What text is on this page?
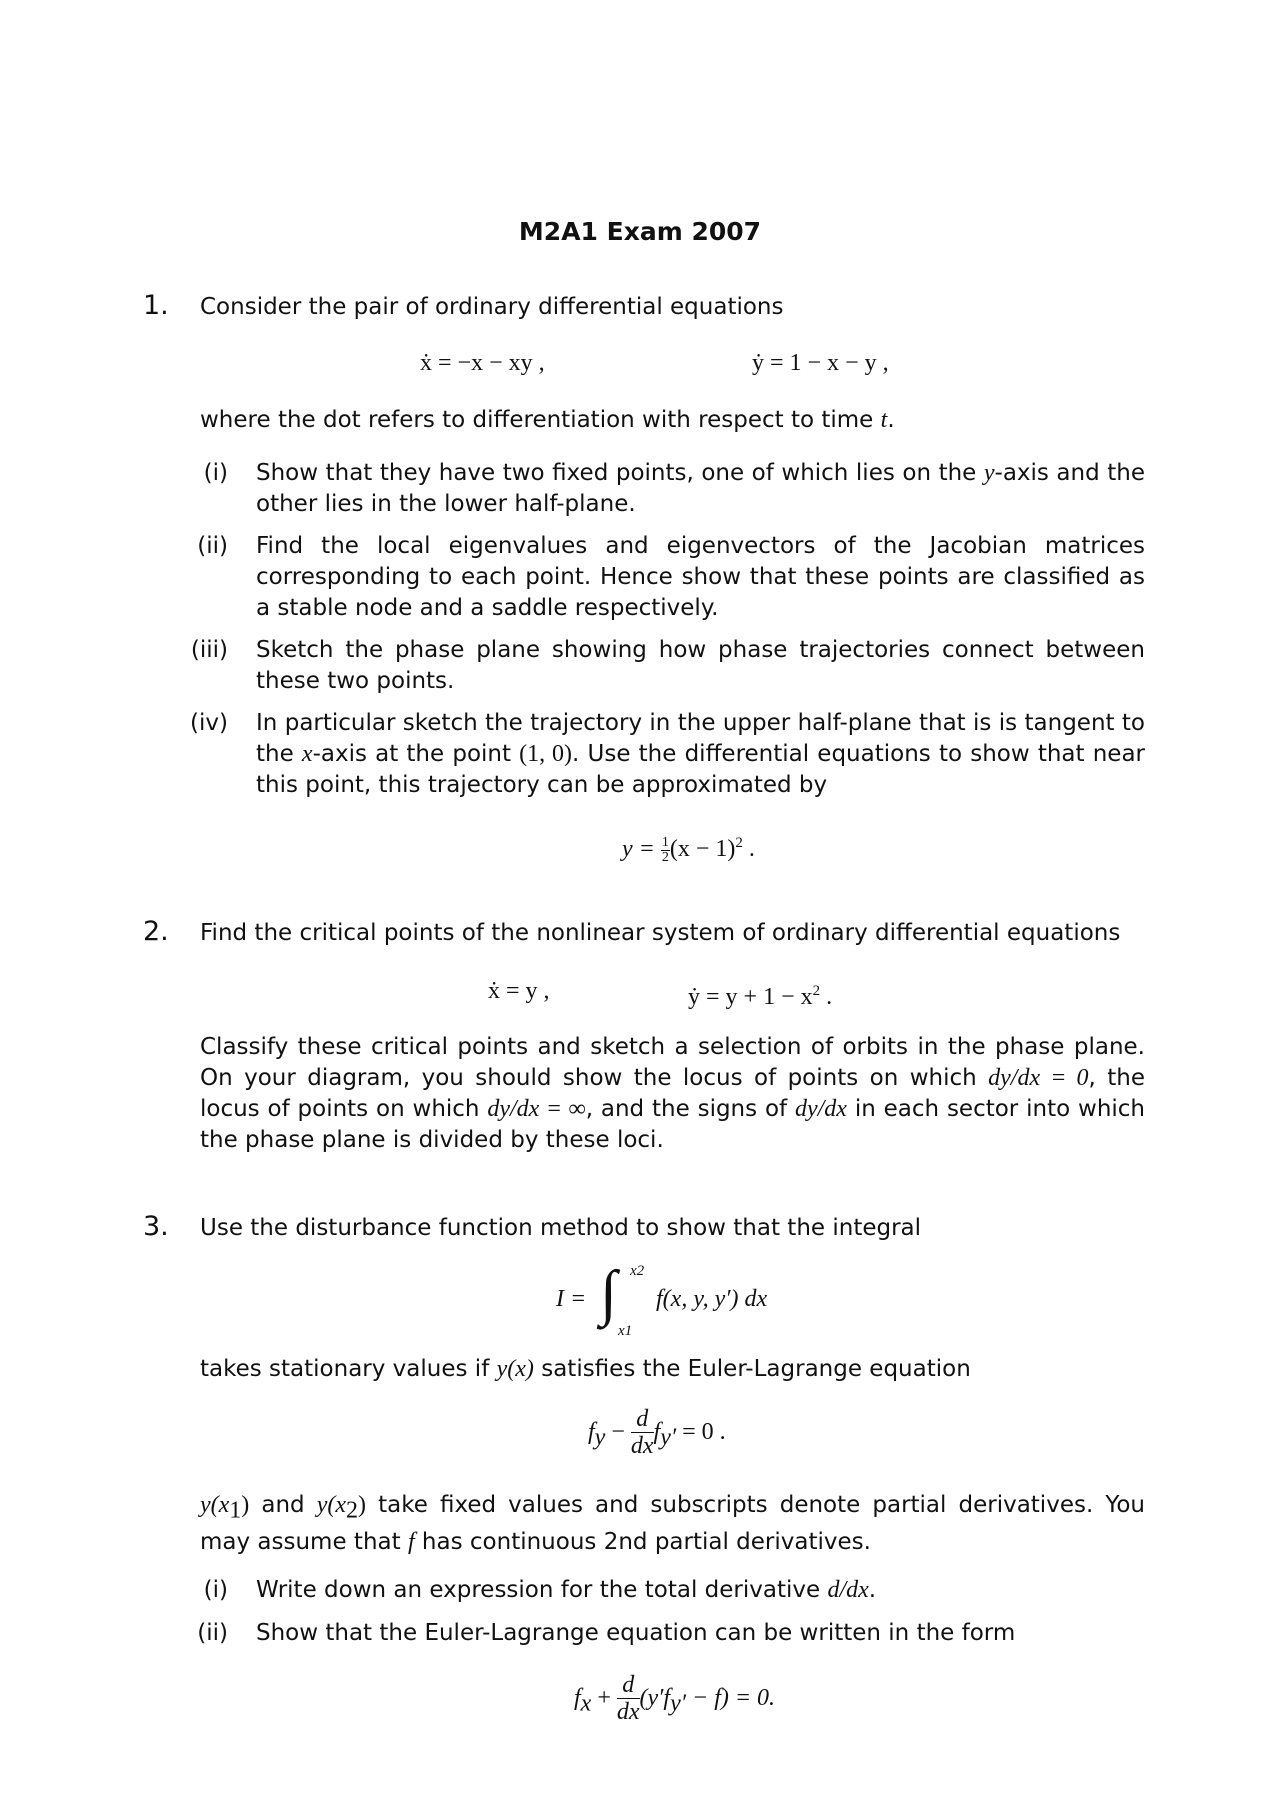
M2A1 Exam 2007
1. Consider the pair of ordinary differential equations
ẋ = −x − xy ,	ẏ = 1 − x − y ,
where the dot refers to differentiation with respect to time t.
(i) Show that they have two fixed points, one of which lies on the y-axis and the other lies in the lower half-plane.
(ii) Find the local eigenvalues and eigenvectors of the Jacobian matrices corresponding to each point. Hence show that these points are classified as a stable node and a saddle respectively.
(iii) Sketch the phase plane showing how phase trajectories connect between these two points.
(iv) In particular sketch the trajectory in the upper half-plane that is is tangent to the x-axis at the point (1, 0). Use the differential equations to show that near this point, this trajectory can be approximated by
$y = \frac{1}{2} (x - 1)^2$ .
2. Find the critical points of the nonlinear system of ordinary differential equations
ẋ = y ,	ẏ = $y + 1 - x^2$ .
Classify these critical points and sketch a selection of orbits in the phase plane. On your diagram, you should show the locus of points on which dy/dx = 0, the locus of points on which dy/dx = ∞, and the signs of dy/dx in each sector into which the phase plane is divided by these loci.
3. Use the disturbance function method to show that the integral
I = ∫ x2
x1
f(x, y, y′) dx
takes stationary values if y(x) satisfies the Euler-Lagrange equation
$f_y - \frac{d}{dx} f_{y'} = 0$ .
$y(x_1)$ and $y(x_2)$ take fixed values and subscripts denote partial derivatives. You may assume that f has continuous 2nd partial derivatives.
(i) Write down an expression for the total derivative d/dx.
(ii) Show that the Euler-Lagrange equation can be written in the form
$f_x + \frac{d}{dx} (y'f_{y'} - f) = 0$.
